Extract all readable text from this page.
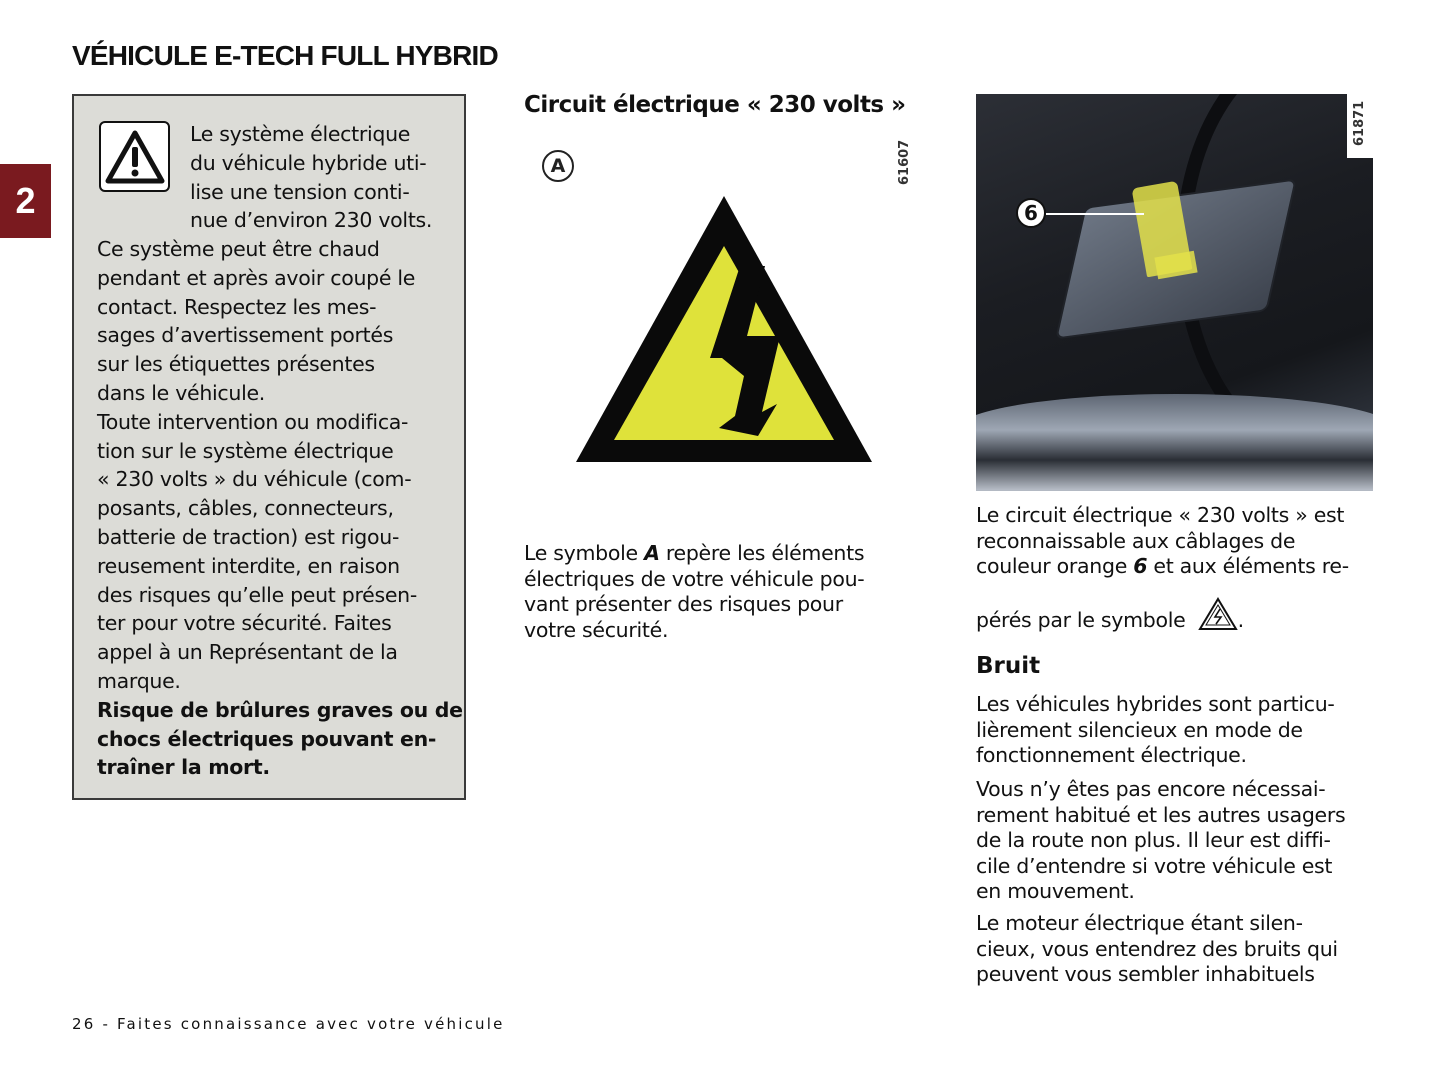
VÉHICULE E-TECH FULL HYBRID
2
Le système électrique
du véhicule hybride uti-
lise une tension conti-
nue d’environ 230 volts.
Ce système peut être chaud
pendant et après avoir coupé le
contact. Respectez les mes-
sages d’avertissement portés
sur les étiquettes présentes
dans le véhicule.
Toute intervention ou modifica-
tion sur le système électrique
« 230 volts » du véhicule (com-
posants, câbles, connecteurs,
batterie de traction) est rigou-
reusement interdite, en raison
des risques qu’elle peut présen-
ter pour votre sécurité. Faites
appel à un Représentant de la
marque.
Risque de brûlures graves ou de
chocs électriques pouvant en-
traîner la mort.
Circuit électrique « 230 volts »
A	61607
Le symbole A repère les éléments
électriques de votre véhicule pou-
vant présenter des risques pour
votre sécurité.
6
61871
Le circuit électrique « 230 volts » est
reconnaissable aux câblages de
couleur orange 6 et aux éléments re-
pérés par le symbole	.
Bruit
Les véhicules hybrides sont particu-
lièrement silencieux en mode de
fonctionnement électrique.
Vous n’y êtes pas encore nécessai-
rement habitué et les autres usagers
de la route non plus. Il leur est diffi-
cile d’entendre si votre véhicule est
en mouvement.
Le moteur électrique étant silen-
cieux, vous entendrez des bruits qui
peuvent vous sembler inhabituels
26 - Faites connaissance avec votre véhicule
